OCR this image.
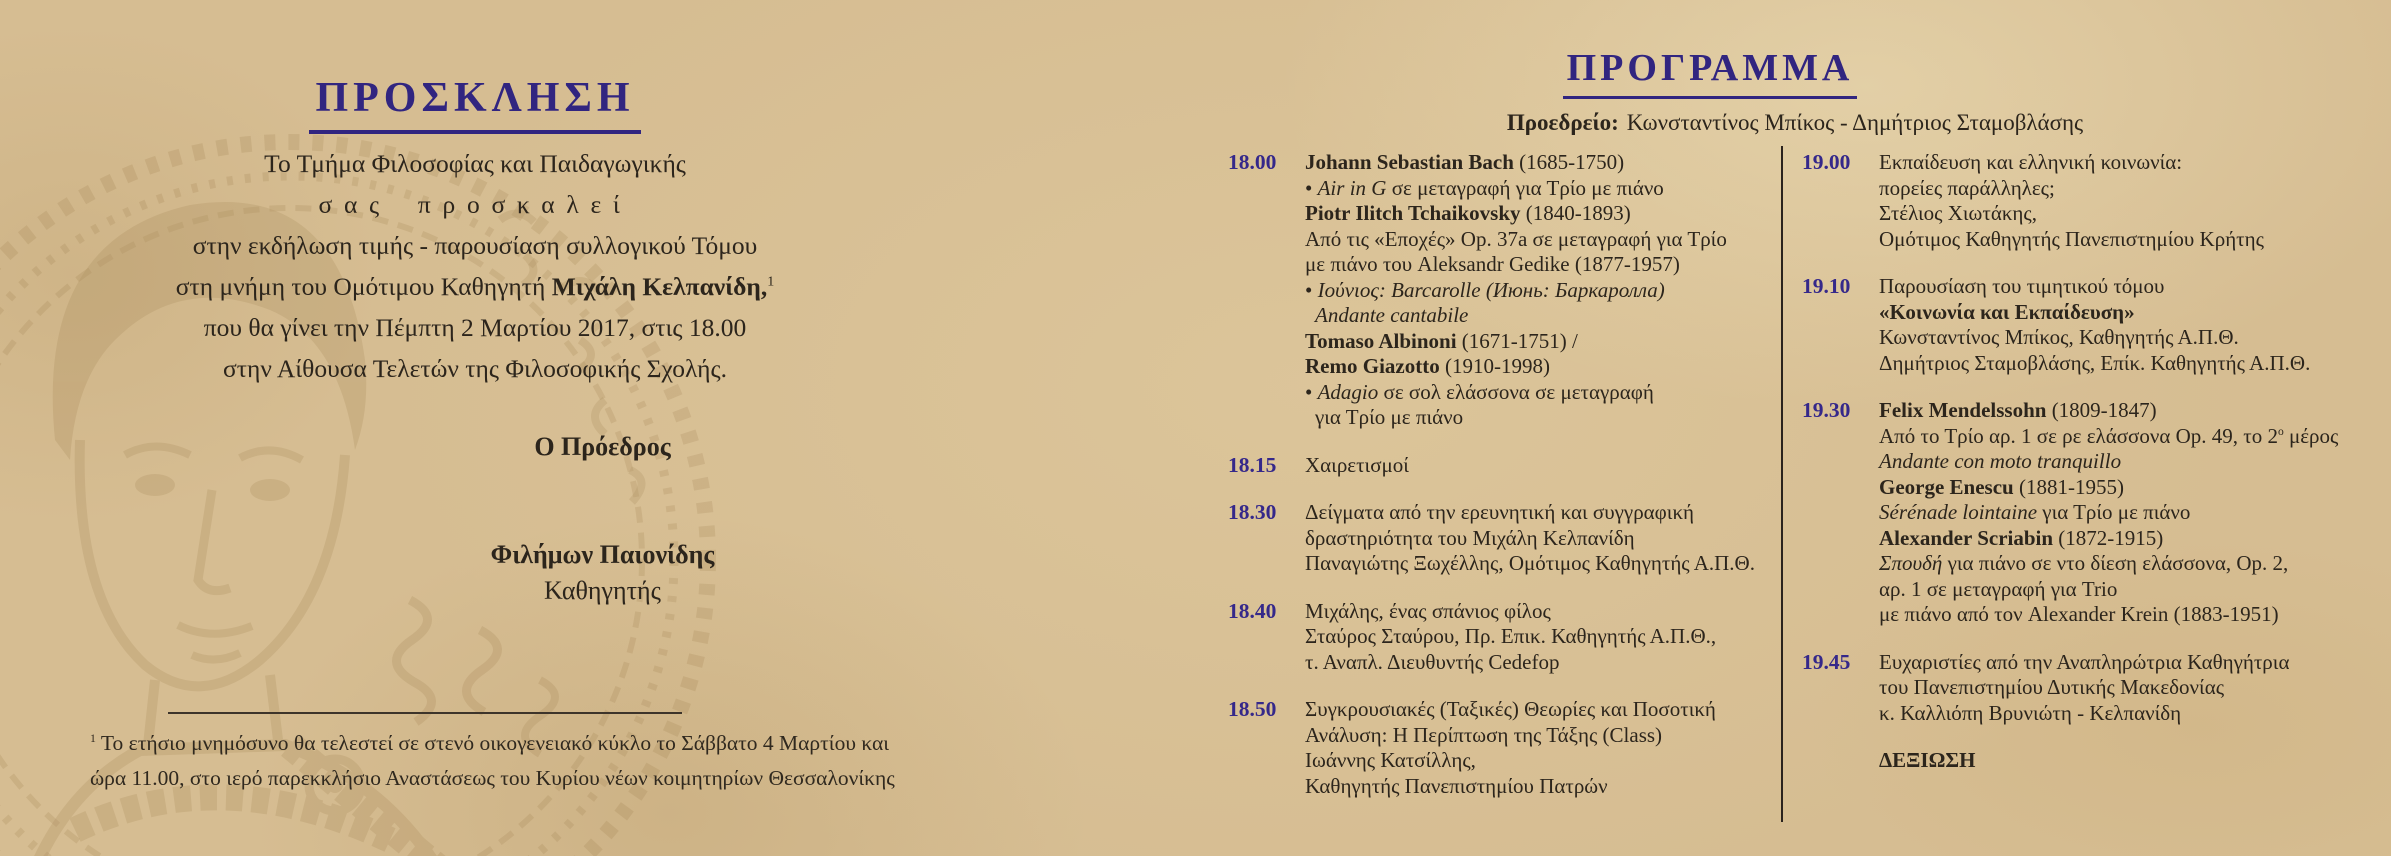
ΠΡΟΣΚΛΗΣΗ
Το Τμήμα Φιλοσοφίας και Παιδαγωγικής
σας προσκαλεί
στην εκδήλωση τιμής - παρουσίαση συλλογικού Τόμου
στη μνήμη του Ομότιμου Καθηγητή Μιχάλη Κελπανίδη,$^1$
που θα γίνει την Πέμπτη 2 Μαρτίου 2017, στις 18.00
στην Αίθουσα Τελετών της Φιλοσοφικής Σχολής.
Ο Πρόεδρος
Φιλήμων Παιονίδης
Καθηγητής
$^1$ Το ετήσιο μνημόσυνο θα τελεστεί σε στενό οικογενειακό κύκλο το Σάββατο 4 Μαρτίου και
ώρα 11.00, στο ιερό παρεκκλήσιο Αναστάσεως του Κυρίου νέων κοιμητηρίων Θεσσαλονίκης
ΠΡΟΓΡΑΜΜΑ
Προεδρείο: Κωνσταντίνος Μπίκος - Δημήτριος Σταμοβλάσης
18.00	Johann Sebastian Bach (1685-1750)
• Air in G σε μεταγραφή για Τρίο με πιάνο
Piotr Ilitch Tchaikovsky (1840-1893)
Από τις «Εποχές» Op. 37a σε μεταγραφή για Τρίο
με πιάνο του Aleksandr Gedike (1877-1957)
• Ιούνιος: Barcarolle (Июнь: Баркаролла)
Andante cantabile
Tomaso Albinoni (1671-1751) /
Remo Giazotto (1910-1998)
• Adagio σε σολ ελάσσονα σε μεταγραφή
για Τρίο με πιάνο
18.15	Χαιρετισμοί
18.30	Δείγματα από την ερευνητική και συγγραφική
δραστηριότητα του Μιχάλη Κελπανίδη
Παναγιώτης Ξωχέλλης, Ομότιμος Καθηγητής Α.Π.Θ.
18.40	Μιχάλης, ένας σπάνιος φίλος
Σταύρος Σταύρου, Πρ. Επικ. Καθηγητής Α.Π.Θ.,
τ. Αναπλ. Διευθυντής Cedefop
18.50	Συγκρουσιακές (Ταξικές) Θεωρίες και Ποσοτική
Ανάλυση: Η Περίπτωση της Τάξης (Class)
Ιωάννης Κατσίλλης,
Καθηγητής Πανεπιστημίου Πατρών
19.00	Εκπαίδευση και ελληνική κοινωνία:
πορείες παράλληλες;
Στέλιος Χιωτάκης,
Ομότιμος Καθηγητής Πανεπιστημίου Κρήτης
19.10	Παρουσίαση του τιμητικού τόμου
«Κοινωνία και Εκπαίδευση»
Κωνσταντίνος Μπίκος, Καθηγητής Α.Π.Θ.
Δημήτριος Σταμοβλάσης, Επίκ. Καθηγητής Α.Π.Θ.
19.30	Felix Mendelssohn (1809-1847)
Από το Τρίο αρ. 1 σε ρε ελάσσονα Op. 49, το $2^o$ μέρος
Andante con moto tranquillo
George Enescu (1881-1955)
Sérénade lointaine για Τρίο με πιάνο
Alexander Scriabin (1872-1915)
Σπουδή για πιάνο σε ντο δίεση ελάσσονα, Op. 2,
αρ. 1 σε μεταγραφή για Trio
με πιάνο από τον Alexander Krein (1883-1951)
19.45	Ευχαριστίες από την Αναπληρώτρια Καθηγήτρια
του Πανεπιστημίου Δυτικής Μακεδονίας
κ. Καλλιόπη Βρυνιώτη - Κελπανίδη
ΔΕΞΙΩΣΗ
